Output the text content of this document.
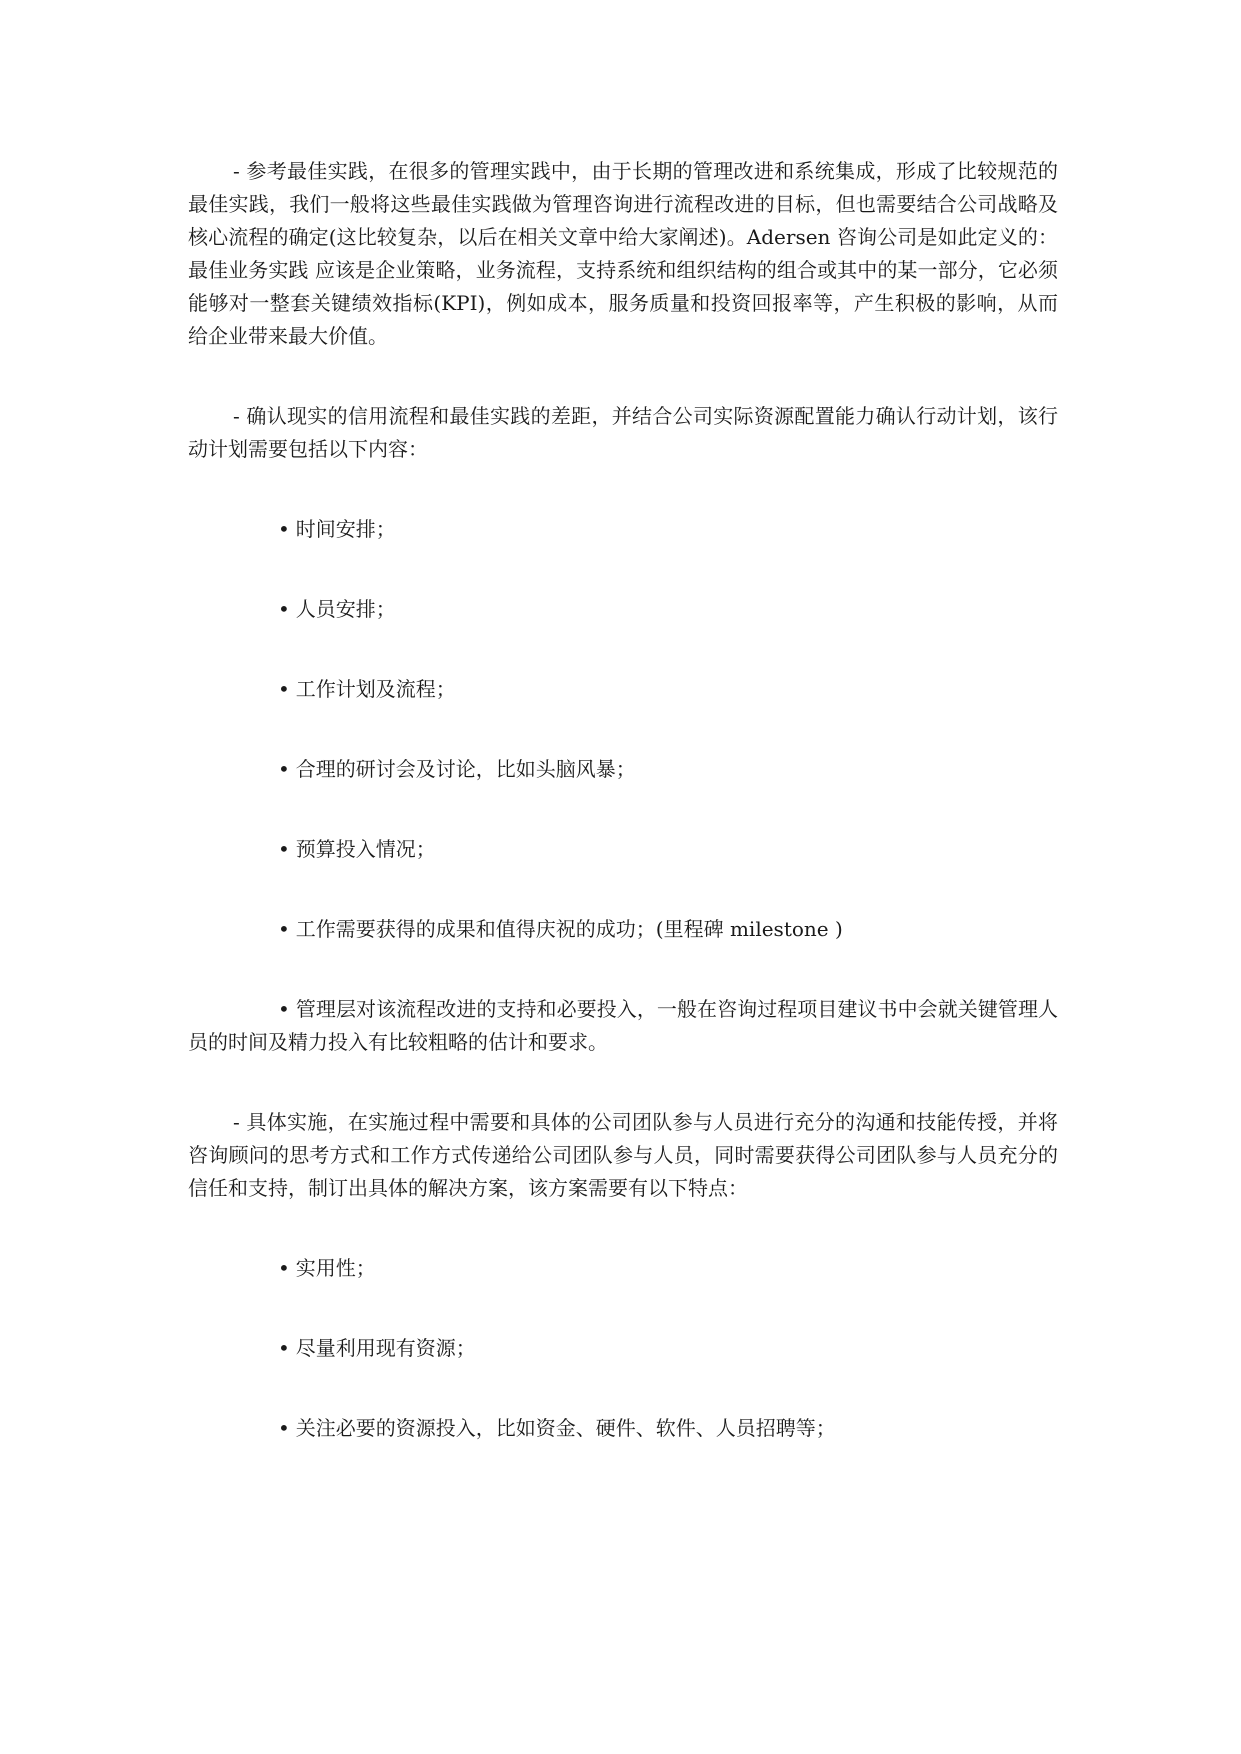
- 参考最佳实践，在很多的管理实践中，由于长期的管理改进和系统集成，形成了比较规范的最佳实践，我们一般将这些最佳实践做为管理咨询进行流程改进的目标，但也需要结合公司战略及核心流程的确定(这比较复杂，以后在相关文章中给大家阐述)。Adersen 咨询公司是如此定义的：最佳业务实践 应该是企业策略，业务流程，支持系统和组织结构的组合或其中的某一部分，它必须能够对一整套关键绩效指标(KPI)，例如成本，服务质量和投资回报率等，产生积极的影响，从而给企业带来最大价值。

- 确认现实的信用流程和最佳实践的差距，并结合公司实际资源配置能力确认行动计划，该行动计划需要包括以下内容：

• 时间安排；

• 人员安排；

• 工作计划及流程；

• 合理的研讨会及讨论，比如头脑风暴；

• 预算投入情况；

• 工作需要获得的成果和值得庆祝的成功；(里程碑 milestone )

• 管理层对该流程改进的支持和必要投入，一般在咨询过程项目建议书中会就关键管理人员的时间及精力投入有比较粗略的估计和要求。

- 具体实施，在实施过程中需要和具体的公司团队参与人员进行充分的沟通和技能传授，并将咨询顾问的思考方式和工作方式传递给公司团队参与人员，同时需要获得公司团队参与人员充分的信任和支持，制订出具体的解决方案，该方案需要有以下特点：

• 实用性；

• 尽量利用现有资源；

• 关注必要的资源投入，比如资金、硬件、软件、人员招聘等；
